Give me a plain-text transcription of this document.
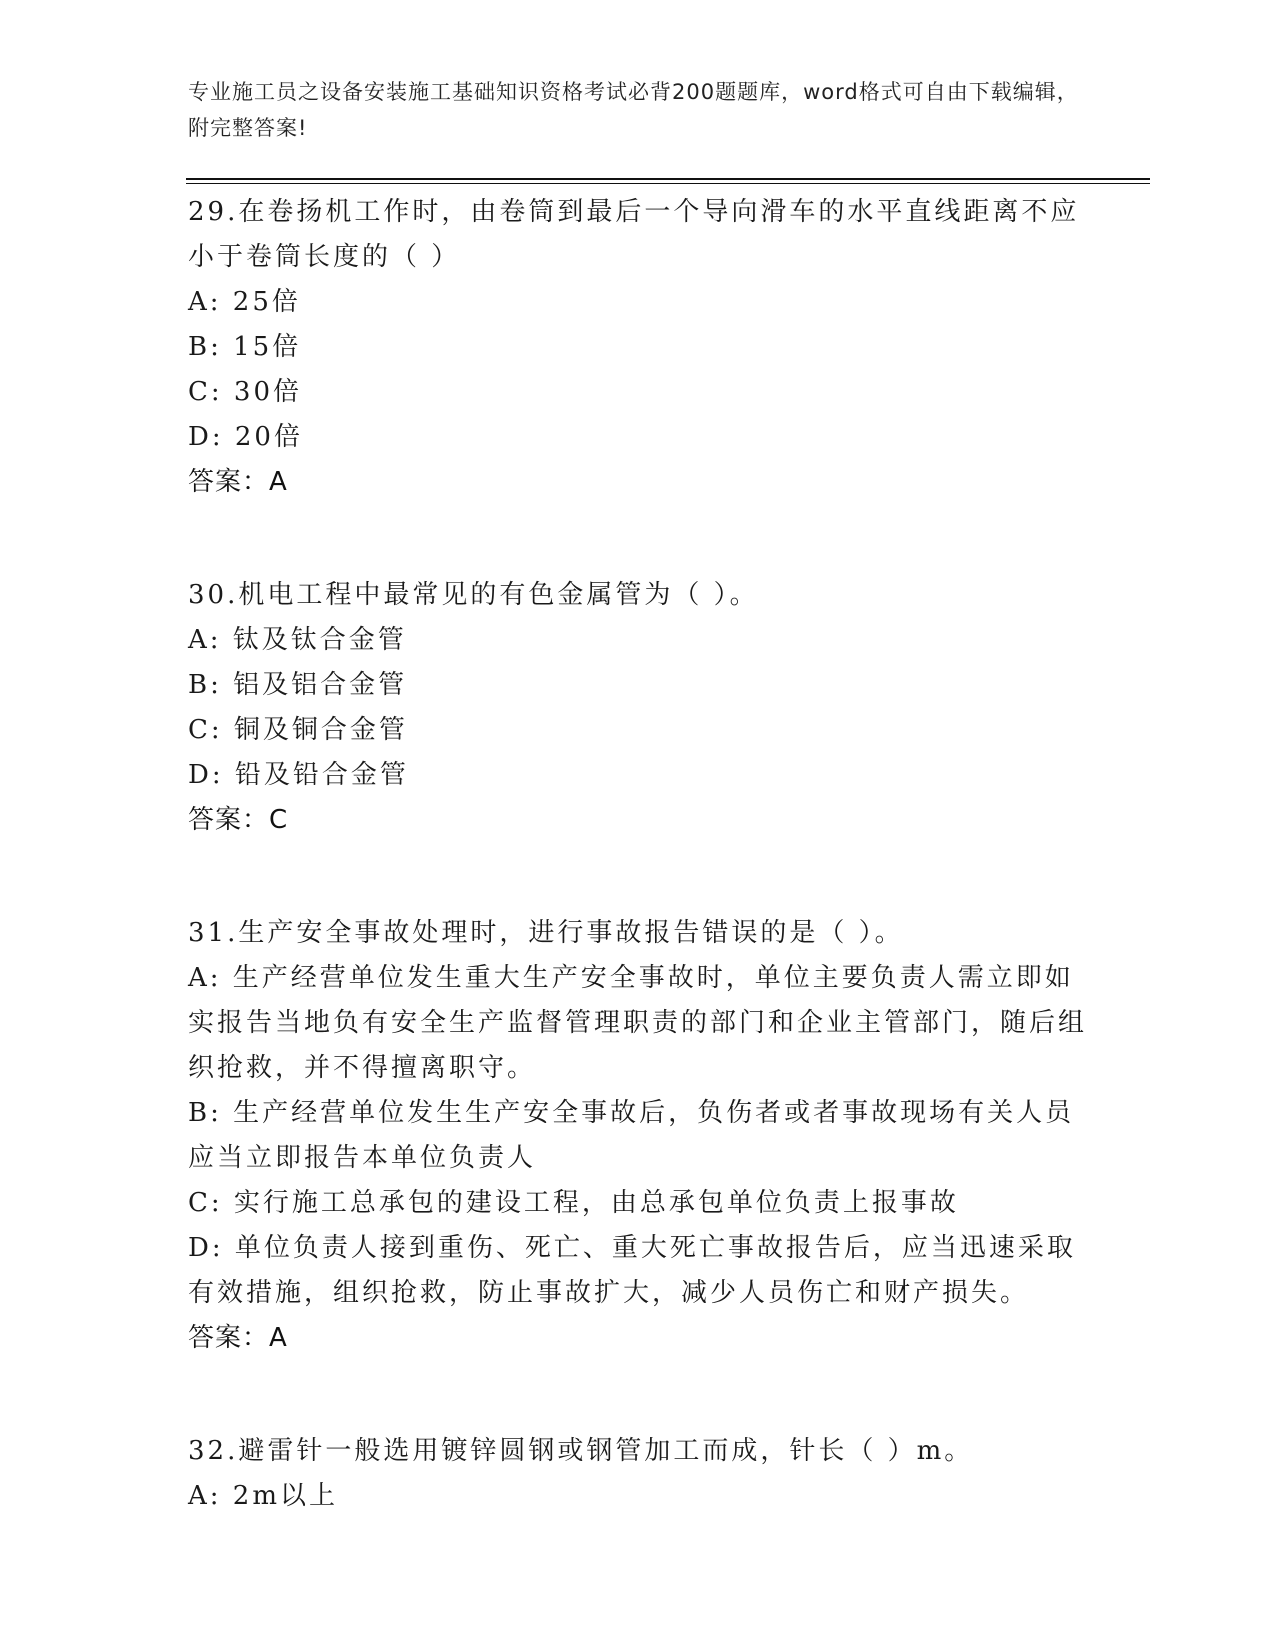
专业施工员之设备安装施工基础知识资格考试必背200题题库，word格式可自由下载编辑，附完整答案!
29.在卷扬机工作时，由卷筒到最后一个导向滑车的水平直线距离不应小于卷筒长度的（ ）
A: 25倍
B: 15倍
C: 30倍
D: 20倍
答案：A
30.机电工程中最常见的有色金属管为（ ）。
A: 钛及钛合金管
B: 铝及铝合金管
C: 铜及铜合金管
D: 铅及铅合金管
答案：C
31.生产安全事故处理时，进行事故报告错误的是（ ）。
A: 生产经营单位发生重大生产安全事故时，单位主要负责人需立即如实报告当地负有安全生产监督管理职责的部门和企业主管部门，随后组织抢救，并不得擅离职守。
B: 生产经营单位发生生产安全事故后，负伤者或者事故现场有关人员应当立即报告本单位负责人
C: 实行施工总承包的建设工程，由总承包单位负责上报事故
D: 单位负责人接到重伤、死亡、重大死亡事故报告后，应当迅速采取有效措施，组织抢救，防止事故扩大，减少人员伤亡和财产损失。
答案：A
32.避雷针一般选用镀锌圆钢或钢管加工而成，针长（ ）m。
A: 2m以上
